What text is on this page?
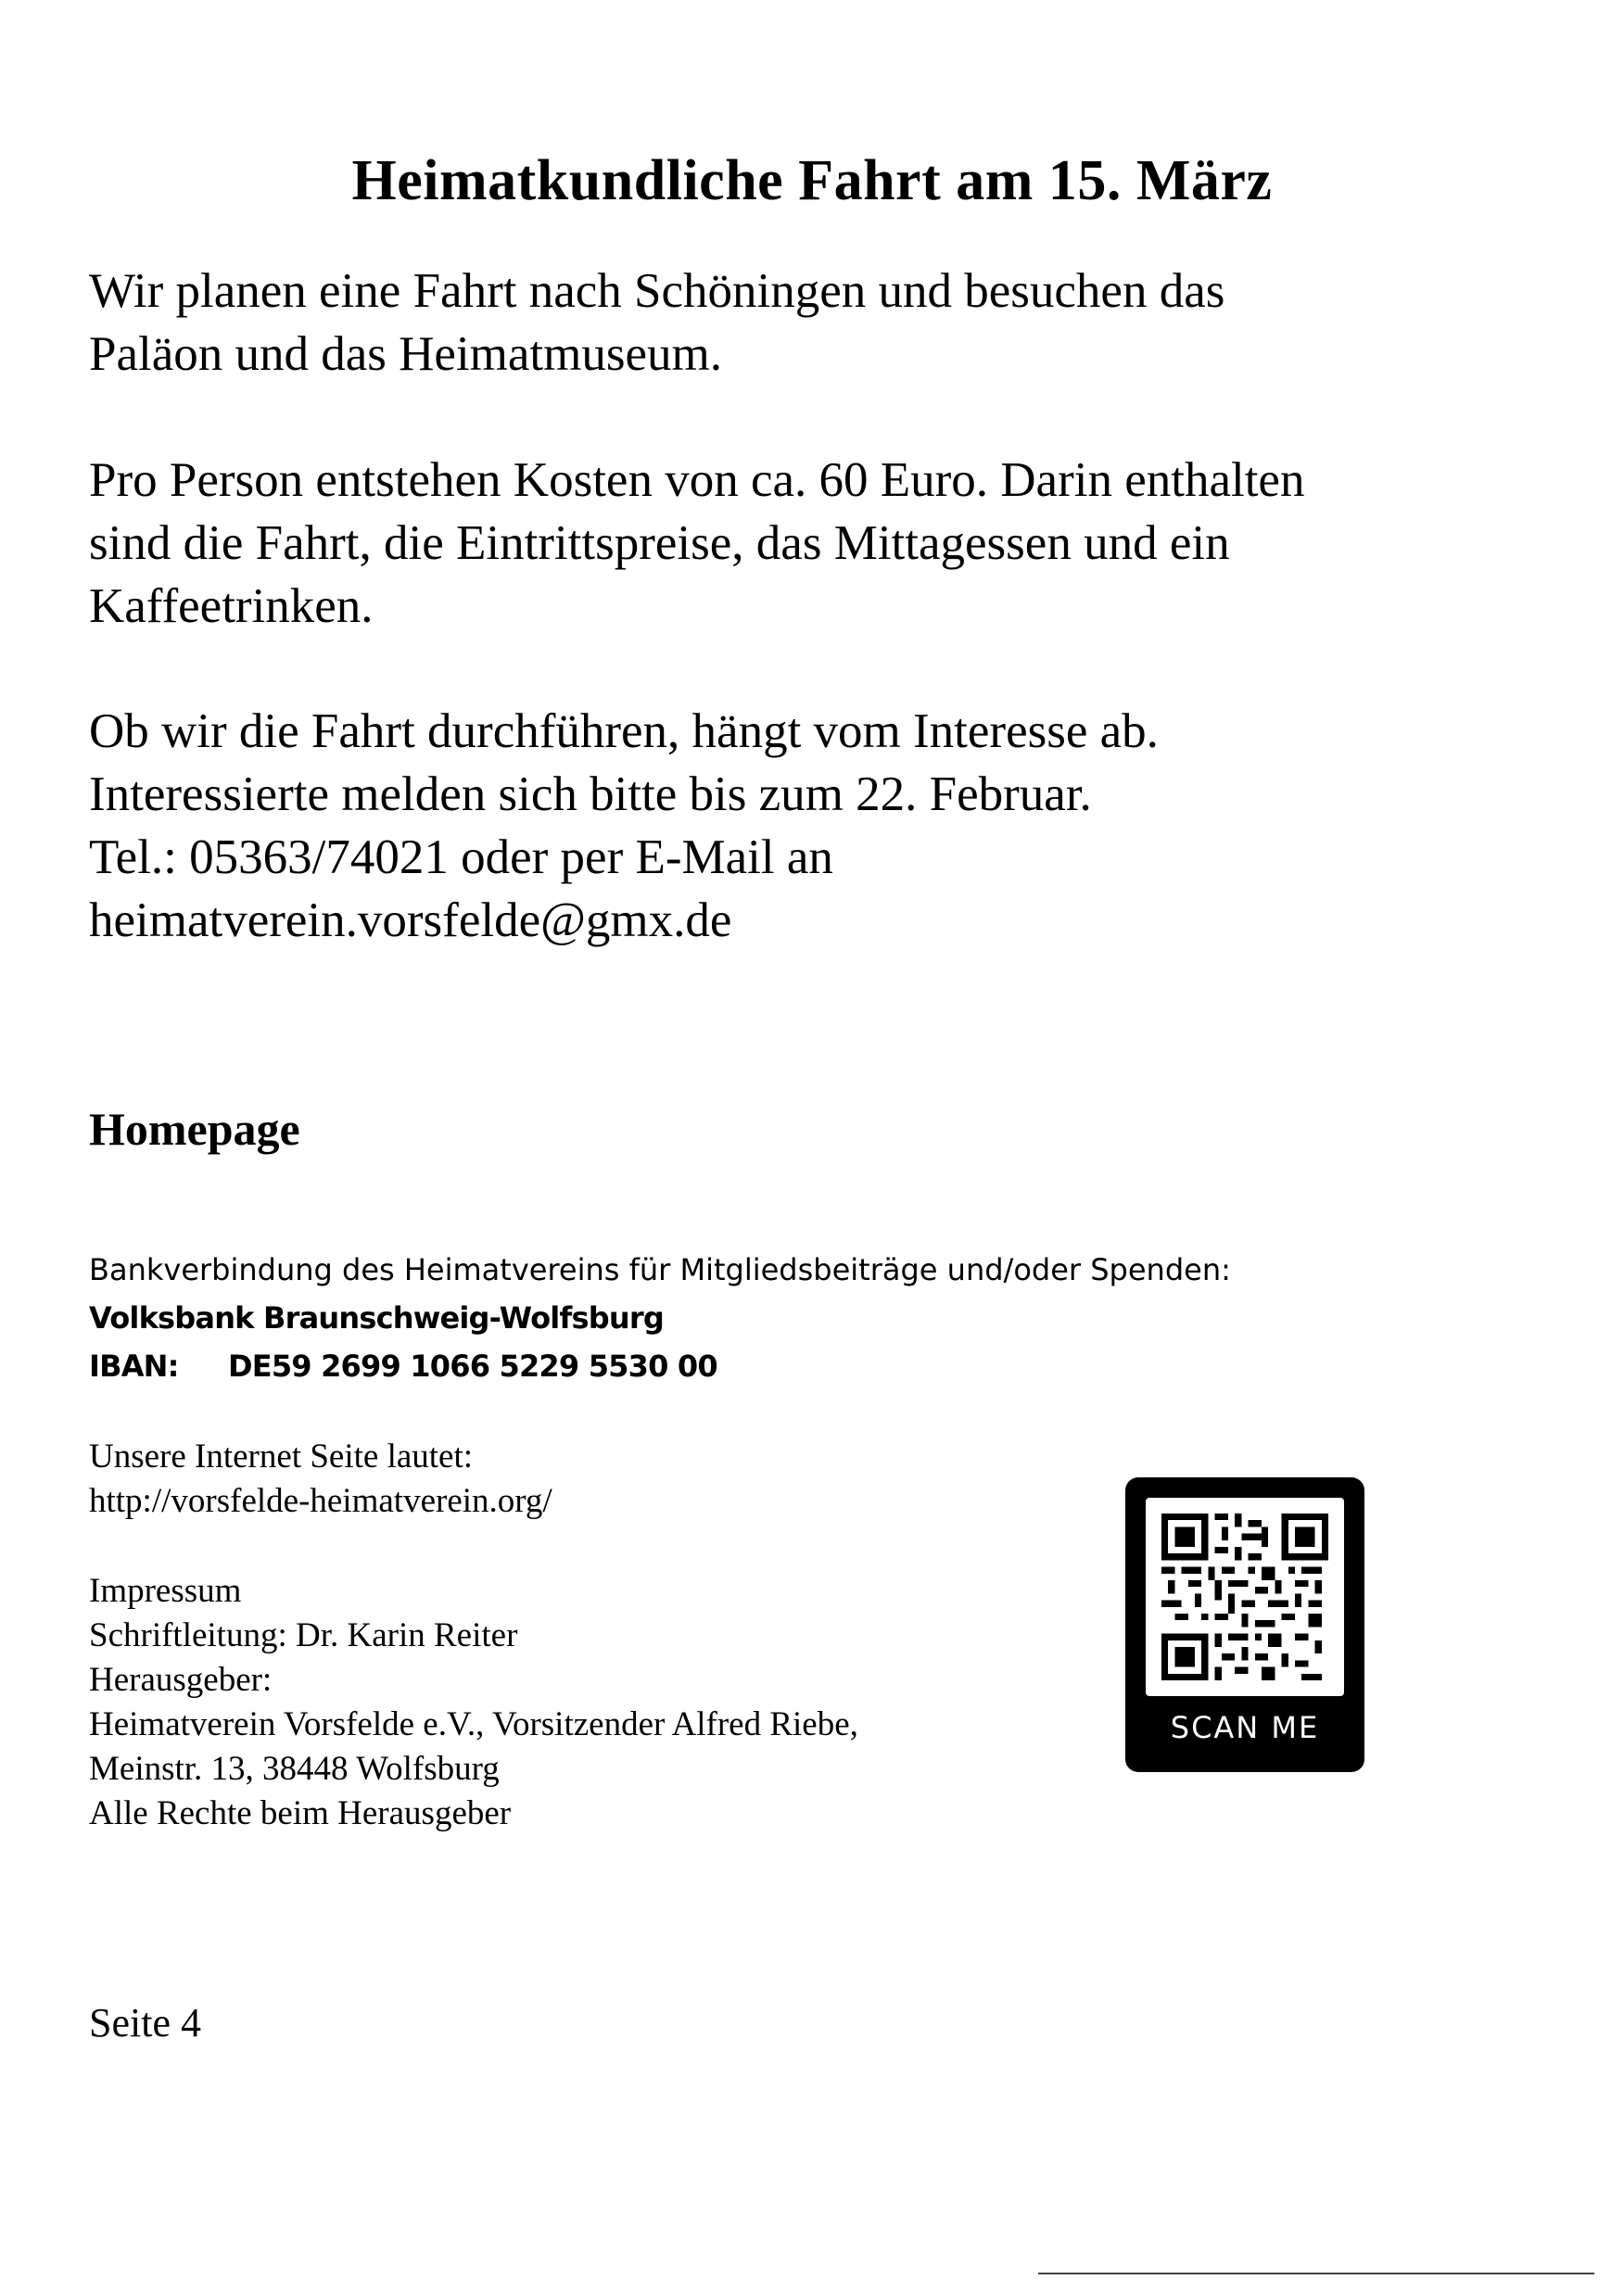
Heimatkundliche Fahrt am 15. März
Wir planen eine Fahrt nach Schöningen und besuchen das
Paläon und das Heimatmuseum.
Pro Person entstehen Kosten von ca. 60 Euro. Darin enthalten
sind die Fahrt, die Eintrittspreise, das Mittagessen und ein
Kaffeetrinken.
Ob wir die Fahrt durchführen, hängt vom Interesse ab.
Interessierte melden sich bitte bis zum 22. Februar.
Tel.: 05363/74021 oder per E-Mail an
heimatverein.vorsfelde@gmx.de
Homepage
Bankverbindung des Heimatvereins für Mitgliedsbeiträge und/oder Spenden:
Volksbank Braunschweig-Wolfsburg
IBAN: DE59 2699 1066 5229 5530 00
Unsere Internet Seite lautet:
http://vorsfelde-heimatverein.org/
Impressum
Schriftleitung: Dr. Karin Reiter
Herausgeber:
Heimatverein Vorsfelde e.V., Vorsitzender Alfred Riebe,
Meinstr. 13, 38448 Wolfsburg
Alle Rechte beim Herausgeber
SCAN ME
Seite 4
